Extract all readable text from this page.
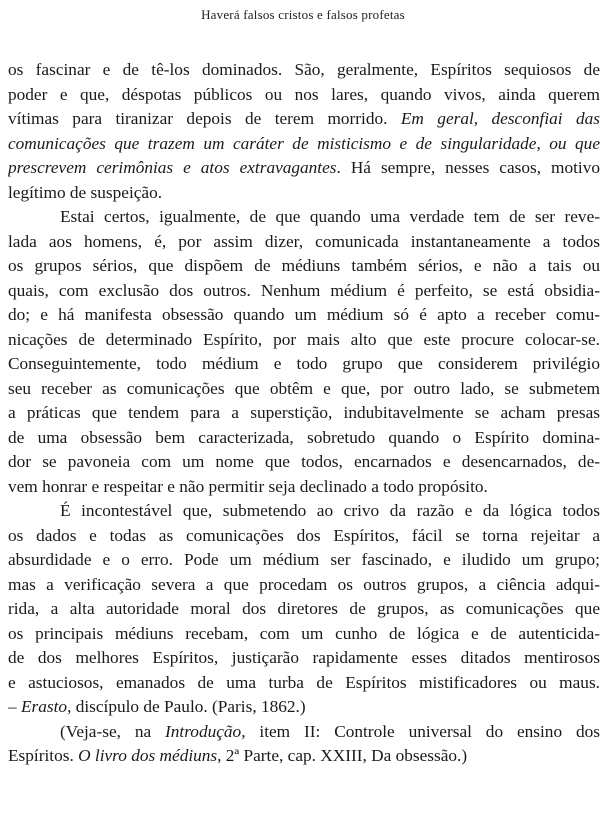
Haverá falsos cristos e falsos profetas
os fascinar e de tê-los dominados. São, geralmente, Espíritos sequiosos de
poder e que, déspotas públicos ou nos lares, quando vivos, ainda querem
vítimas para tiranizar depois de terem morrido. Em geral, desconfiai das
comunicações que trazem um caráter de misticismo e de singularidade, ou que
prescrevem cerimônias e atos extravagantes. Há sempre, nesses casos, motivo
legítimo de suspeição.
Estai certos, igualmente, de que quando uma verdade tem de ser reve-
lada aos homens, é, por assim dizer, comunicada instantaneamente a todos
os grupos sérios, que dispõem de médiuns também sérios, e não a tais ou
quais, com exclusão dos outros. Nenhum médium é perfeito, se está obsidia-
do; e há manifesta obsessão quando um médium só é apto a receber comu-
nicações de determinado Espírito, por mais alto que este procure colocar-se.
Conseguintemente, todo médium e todo grupo que considerem privilégio
seu receber as comunicações que obtêm e que, por outro lado, se submetem
a práticas que tendem para a superstição, indubitavelmente se acham presas
de uma obsessão bem caracterizada, sobretudo quando o Espírito domina-
dor se pavoneia com um nome que todos, encarnados e desencarnados, de-
vem honrar e respeitar e não permitir seja declinado a todo propósito.
É incontestável que, submetendo ao crivo da razão e da lógica todos
os dados e todas as comunicações dos Espíritos, fácil se torna rejeitar a
absurdidade e o erro. Pode um médium ser fascinado, e iludido um grupo;
mas a verificação severa a que procedam os outros grupos, a ciência adqui-
rida, a alta autoridade moral dos diretores de grupos, as comunicações que
os principais médiuns recebam, com um cunho de lógica e de autenticida-
de dos melhores Espíritos, justiçarão rapidamente esses ditados mentirosos
e astuciosos, emanados de uma turba de Espíritos mistificadores ou maus.
– Erasto, discípulo de Paulo. (Paris, 1862.)
(Veja-se, na Introdução, item II: Controle universal do ensino dos
Espíritos. O livro dos médiuns, 2ª Parte, cap. XXIII, Da obsessão.)
